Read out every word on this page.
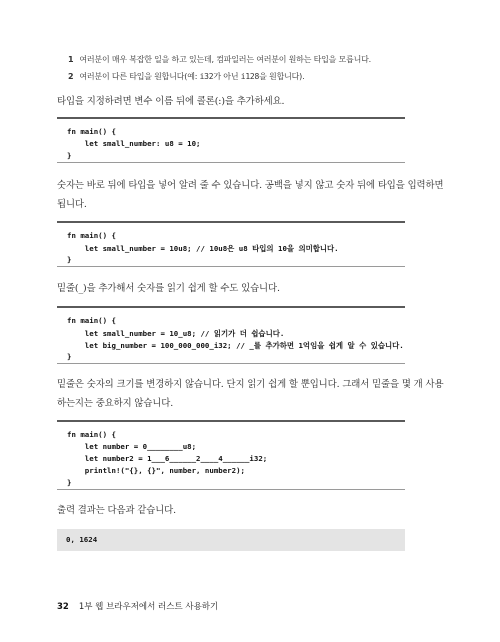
1 여러분이 매우 복잡한 일을 하고 있는데, 컴파일러는 여러분이 원하는 타입을 모릅니다.
2 여러분이 다른 타입을 원합니다(예: i32가 아닌 i128을 원합니다).

타입을 지정하려면 변수 이름 뒤에 콜론(:)을 추가하세요.

fn main() {
let small_number: u8 = 10;
}

숫자는 바로 뒤에 타입을 넣어 알려 줄 수 있습니다. 공백을 넣지 않고 숫자 뒤에 타입을 입력하면 됩니다.

fn main() {
let small_number = 10u8; // 10u8은 u8 타입의 10을 의미합니다.
}

밑줄(_)을 추가해서 숫자를 읽기 쉽게 할 수도 있습니다.

fn main() {
let small_number = 10_u8; // 읽기가 더 쉽습니다.
let big_number = 100_000_000_i32; // _를 추가하면 1억임을 쉽게 알 수 있습니다.
}

밑줄은 숫자의 크기를 변경하지 않습니다. 단지 읽기 쉽게 할 뿐입니다. 그래서 밑줄을 몇 개 사용하는지는 중요하지 않습니다.

fn main() {
let number = 0________u8;
let number2 = 1___6______2____4______i32;
println!("{}, {}", number, number2);
}

출력 결과는 다음과 같습니다.

0, 1624
32 1부 웹 브라우저에서 러스트 사용하기
